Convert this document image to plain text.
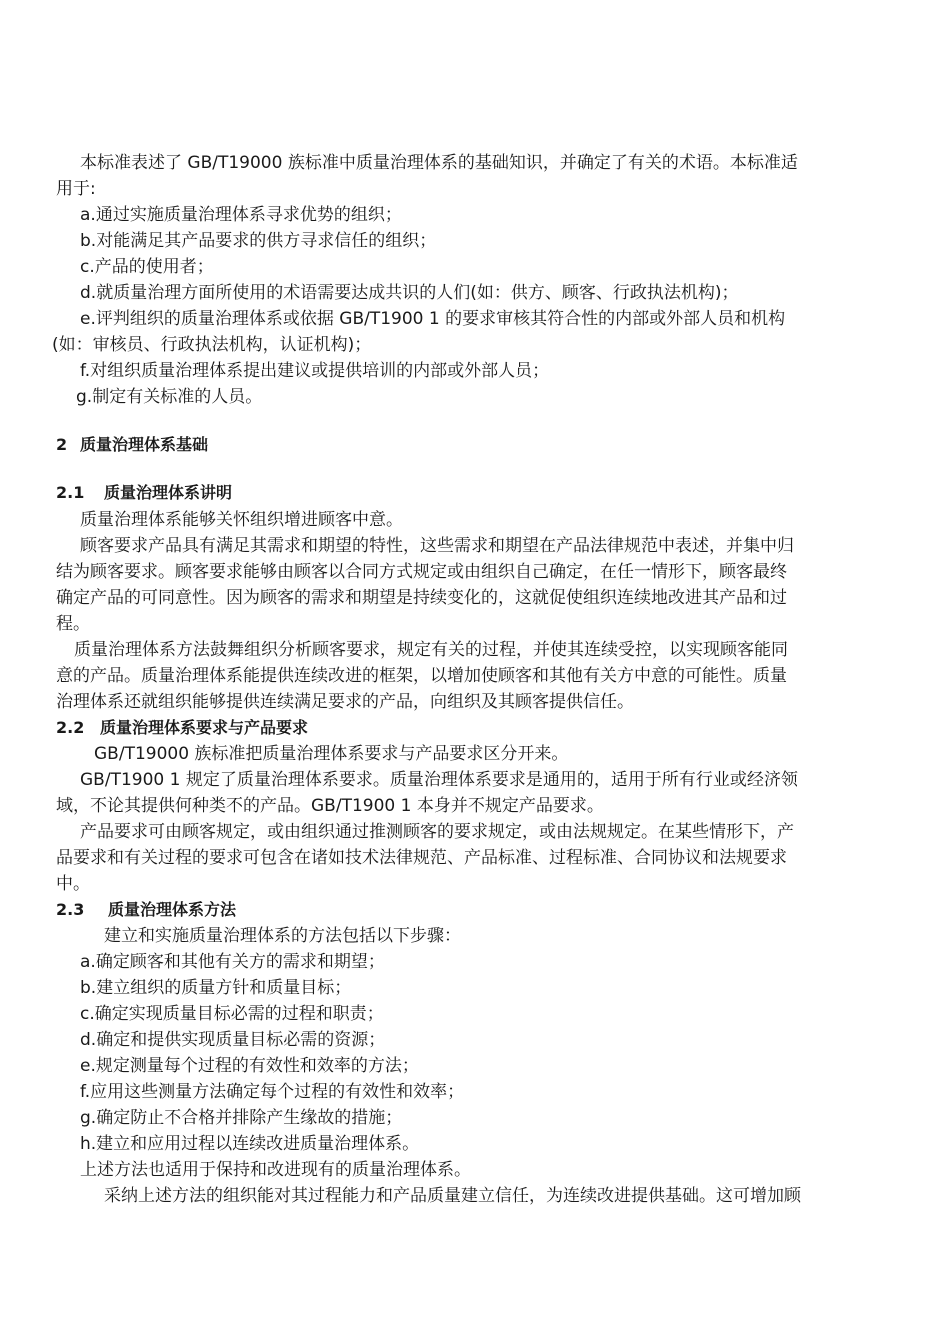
本标准表述了 GB/T19000 族标准中质量治理体系的基础知识，并确定了有关的术语。本标准适
用于:
a.通过实施质量治理体系寻求优势的组织；
b.对能满足其产品要求的供方寻求信任的组织；
c.产品的使用者；
d.就质量治理方面所使用的术语需要达成共识的人们(如：供方、顾客、行政执法机构)；
e.评判组织的质量治理体系或依据 GB/T1900 1 的要求审核其符合性的内部或外部人员和机构
(如：审核员、行政执法机构，认证机构)；
f.对组织质量治理体系提出建议或提供培训的内部或外部人员；
g.制定有关标准的人员。
2 质量治理体系基础
2.1 质量治理体系讲明
质量治理体系能够关怀组织增进顾客中意。
顾客要求产品具有满足其需求和期望的特性，这些需求和期望在产品法律规范中表述，并集中归
结为顾客要求。顾客要求能够由顾客以合同方式规定或由组织自己确定，在任一情形下，顾客最终
确定产品的可同意性。因为顾客的需求和期望是持续变化的，这就促使组织连续地改进其产品和过
程。
质量治理体系方法鼓舞组织分析顾客要求，规定有关的过程，并使其连续受控，以实现顾客能同
意的产品。质量治理体系能提供连续改进的框架，以增加使顾客和其他有关方中意的可能性。质量
治理体系还就组织能够提供连续满足要求的产品，向组织及其顾客提供信任。
2.2 质量治理体系要求与产品要求
GB/T19000 族标准把质量治理体系要求与产品要求区分开来。
GB/T1900 1 规定了质量治理体系要求。质量治理体系要求是通用的，适用于所有行业或经济领
域，不论其提供何种类不的产品。GB/T1900 1 本身并不规定产品要求。
产品要求可由顾客规定，或由组织通过推测顾客的要求规定，或由法规规定。在某些情形下，产
品要求和有关过程的要求可包含在诸如技术法律规范、产品标准、过程标准、合同协议和法规要求
中。
2.3 质量治理体系方法
建立和实施质量治理体系的方法包括以下步骤：
a.确定顾客和其他有关方的需求和期望；
b.建立组织的质量方针和质量目标；
c.确定实现质量目标必需的过程和职责；
d.确定和提供实现质量目标必需的资源；
e.规定测量每个过程的有效性和效率的方法；
f.应用这些测量方法确定每个过程的有效性和效率；
g.确定防止不合格并排除产生缘故的措施；
h.建立和应用过程以连续改进质量治理体系。
上述方法也适用于保持和改进现有的质量治理体系。
采纳上述方法的组织能对其过程能力和产品质量建立信任，为连续改进提供基础。这可增加顾
